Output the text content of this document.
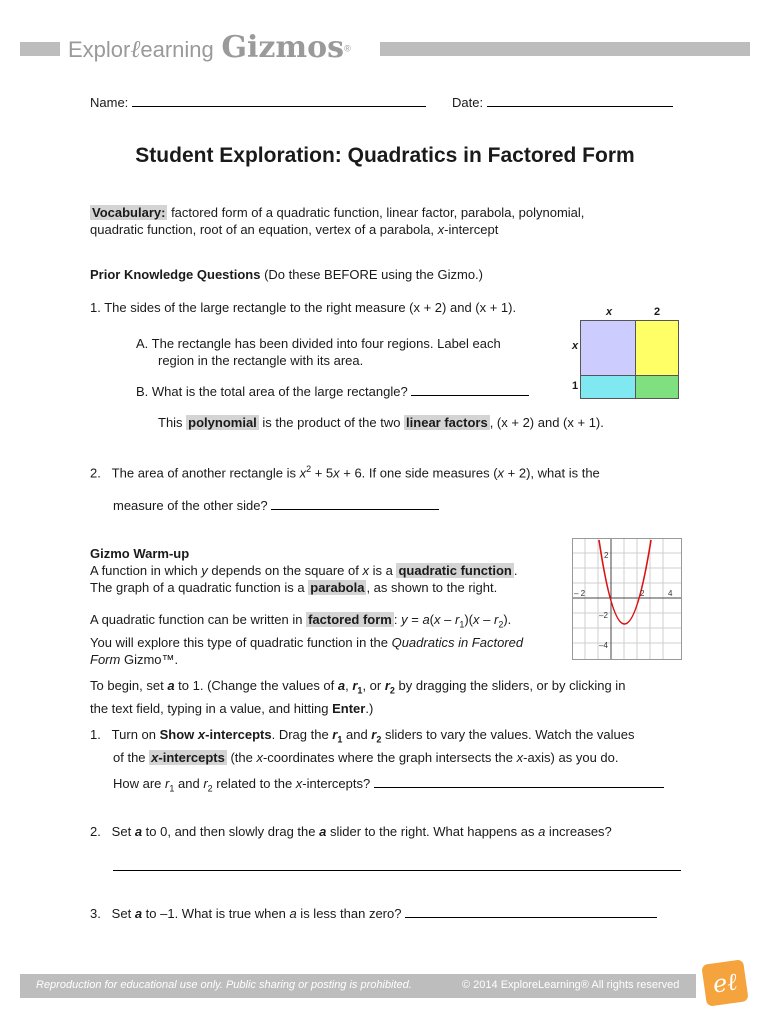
Explorℓearning Gizmos®
Name:	Date:
Student Exploration: Quadratics in Factored Form
Vocabulary: factored form of a quadratic function, linear factor, parabola, polynomial,
quadratic function, root of an equation, vertex of a parabola, x-intercept
Prior Knowledge Questions (Do these BEFORE using the Gizmo.)
1. The sides of the large rectangle to the right measure (x + 2) and (x + 1).
A. The rectangle has been divided into four regions. Label each
region in the rectangle with its area.
B. What is the total area of the large rectangle?
This polynomial is the product of the two linear factors , (x + 2) and (x + 1).
x	2
x
1
2.   The area of another rectangle is $x^2 + 5x + 6$. If one side measures (x + 2), what is the
measure of the other side?
Gizmo Warm-up
A function in which y depends on the square of x is a quadratic function .
The graph of a quadratic function is a parabola , as shown to the right.
A quadratic function can be written in factored form : $y = a(x - r_1)(x - r_2)$.
You will explore this type of quadratic function in the Quadratics in Factored
Form Gizmo™.
2
– 2	2	4
–2
–4
To begin, set a to 1. (Change the values of a, $r_1$, or $r_2$ by dragging the sliders, or by clicking in
the text field, typing in a value, and hitting Enter.)
1.   Turn on Show x-intercepts. Drag the $r_1$ and $r_2$ sliders to vary the values. Watch the values
of the x-intercepts (the x-coordinates where the graph intersects the x-axis) as you do.
How are $r_1$ and $r_2$ related to the x-intercepts?
2.   Set a to 0, and then slowly drag the a slider to the right. What happens as a increases?
3.   Set a to –1. What is true when a is less than zero?
Reproduction for educational use only. Public sharing or posting is prohibited.	© 2014 ExploreLearning® All rights reserved	eℓ
